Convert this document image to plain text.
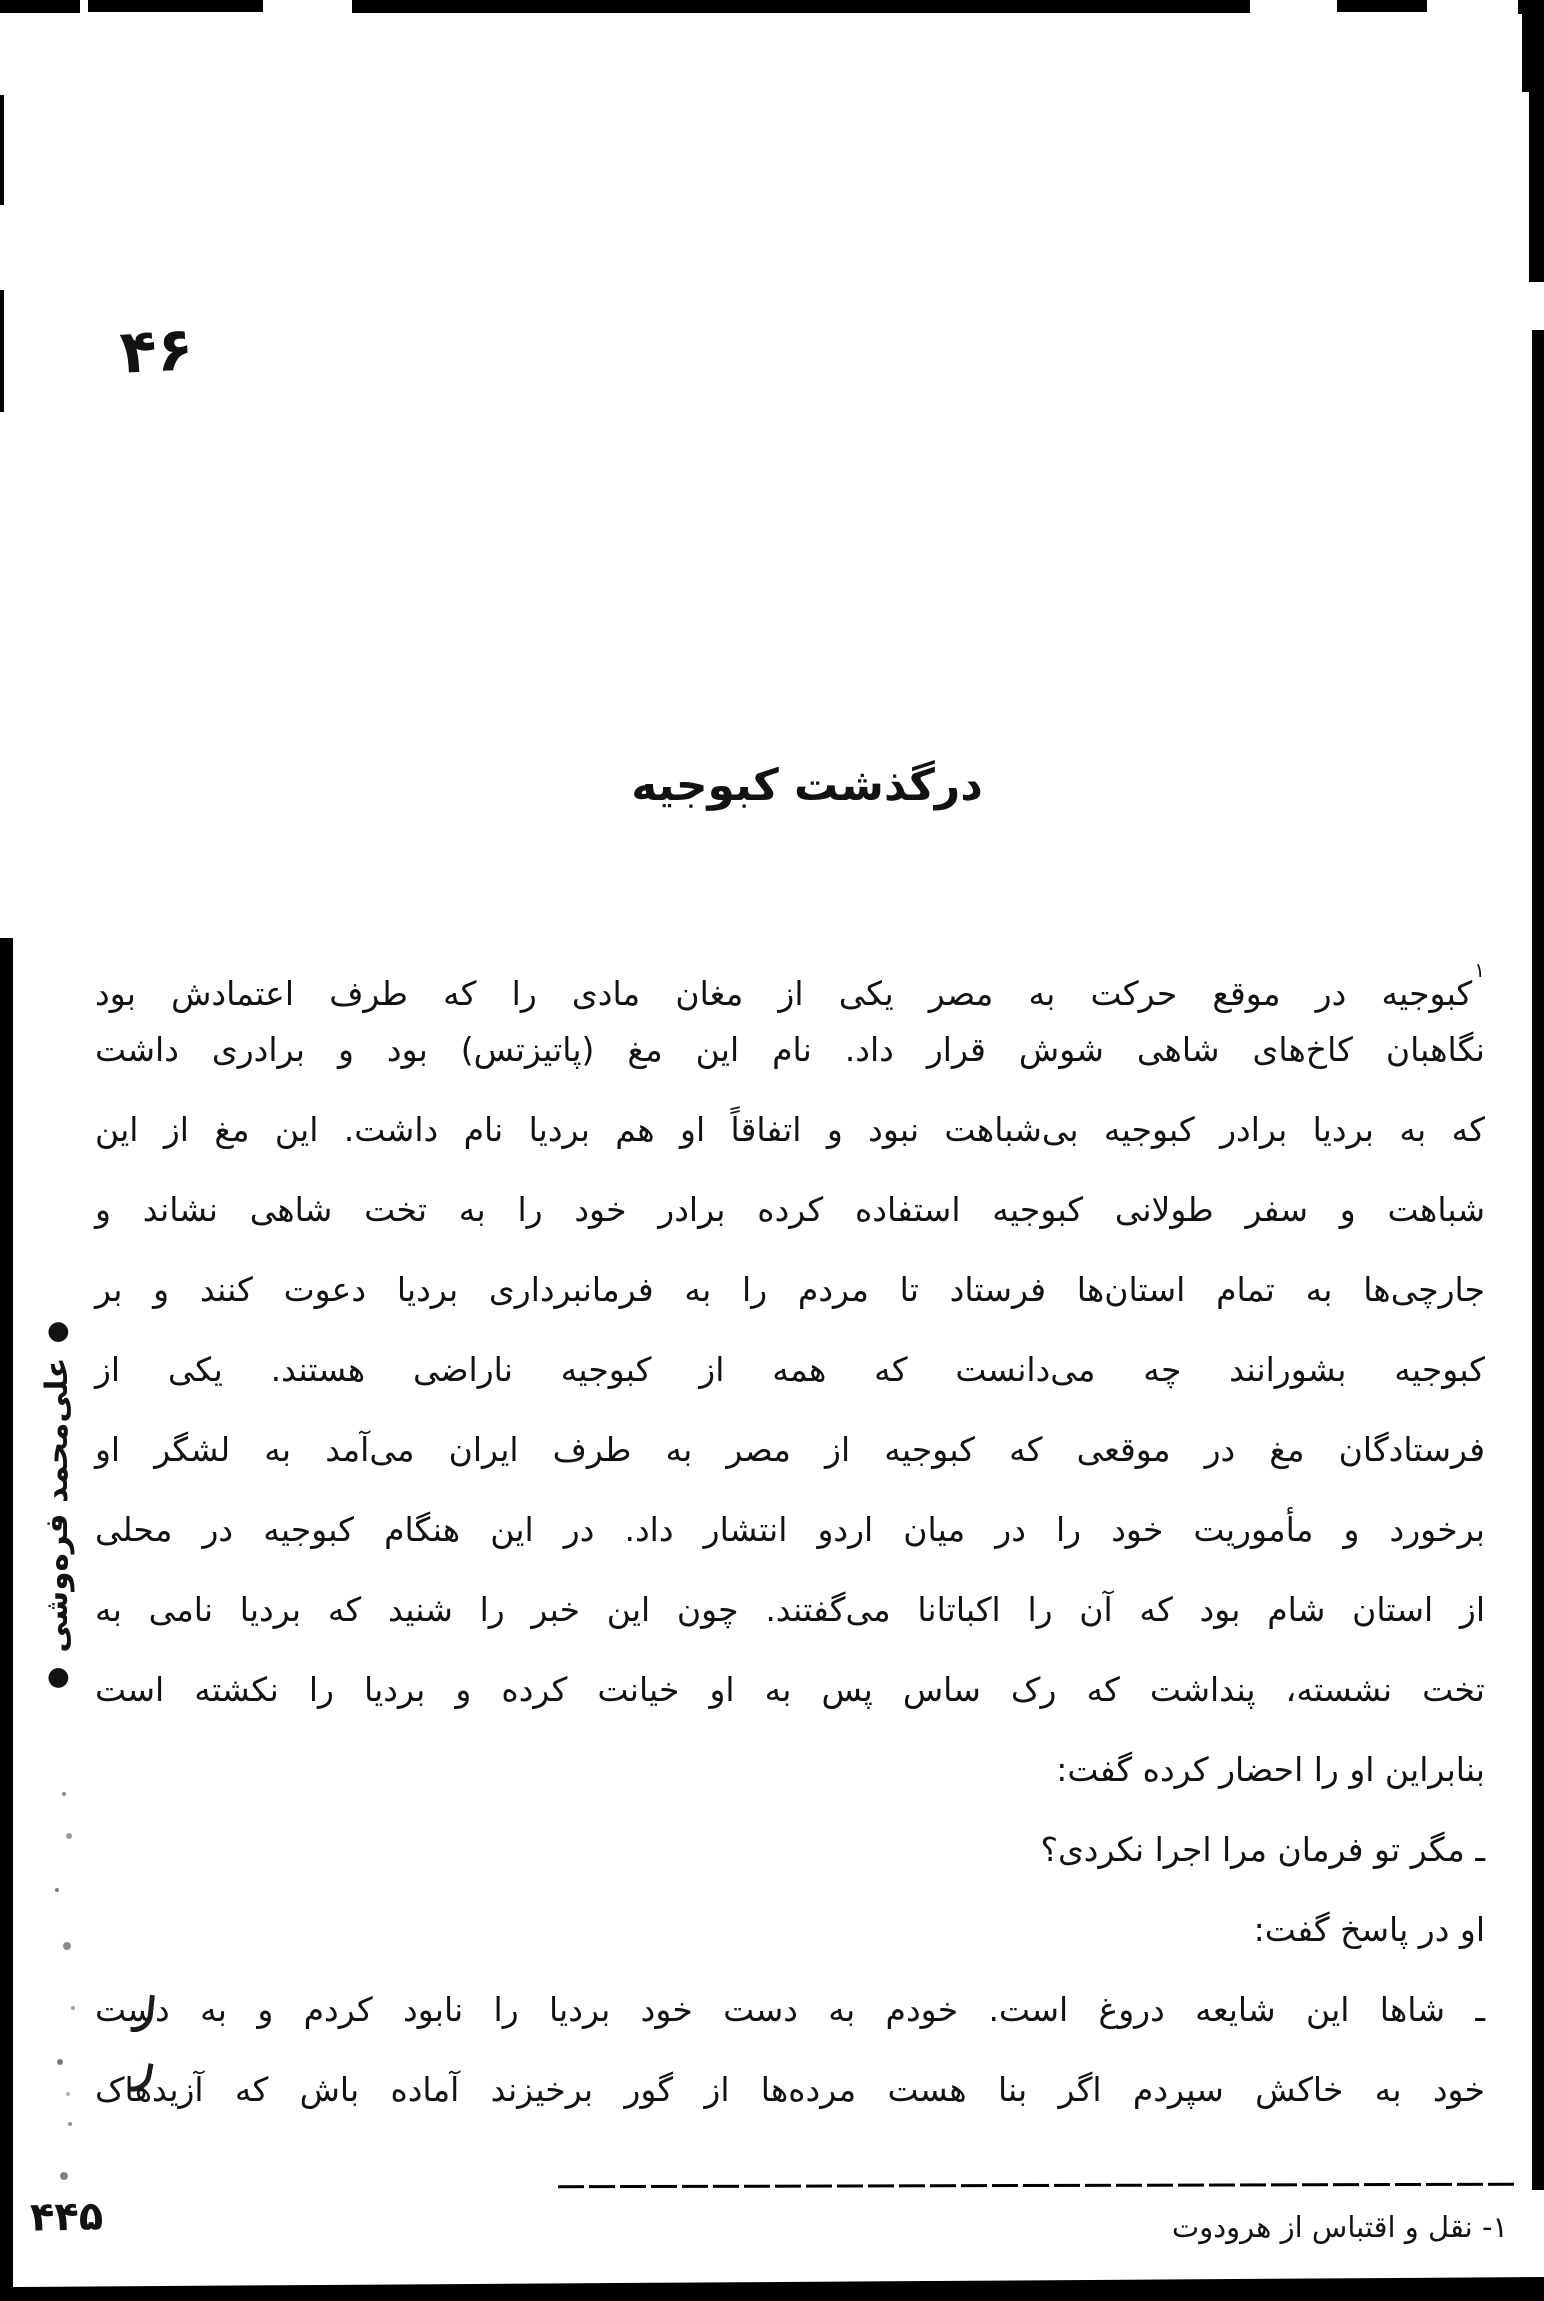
۴۶
درگذشت کبوجیه
$^۱$کبوجیه در موقع حرکت به مصر یکی از مغان مادی را که طرف اعتمادش بود
نگاهبان کاخ‌های شاهی شوش قرار داد. نام این مغ (پاتیزتس) بود و برادری داشت
که به بردیا برادر کبوجیه بی‌شباهت نبود و اتفاقاً او هم بردیا نام داشت. این مغ از این
شباهت و سفر طولانی کبوجیه استفاده کرده برادر خود را به تخت شاهی نشاند و
جارچی‌ها به تمام استان‌ها فرستاد تا مردم را به فرمانبرداری بردیا دعوت کنند و بر
کبوجیه بشورانند چه می‌دانست که همه از کبوجیه ناراضی هستند. یکی از
فرستادگان مغ در موقعی که کبوجیه از مصر به طرف ایران می‌آمد به لشگر او
برخورد و مأموریت خود را در میان اردو انتشار داد. در این هنگام کبوجیه در محلی
از استان شام بود که آن را اکباتانا می‌گفتند. چون این خبر را شنید که بردیا نامی به
تخت نشسته، پنداشت که رک ساس پس به او خیانت کرده و بردیا را نکشته است
بنابراین او را احضار کرده گفت:
ـ مگر تو فرمان مرا اجرا نکردی؟
او در پاسخ گفت:
ـ شاها این شایعه دروغ است. خودم به دست خود بردیا را نابود کردم و به دست
خود به خاکش سپردم اگر بنا هست مرده‌ها از گور برخیزند آماده باش که آزیدهاک
●علی‌محمد فره‌وشی●
۱- نقل و اقتباس از هرودوت
۴۴۵
